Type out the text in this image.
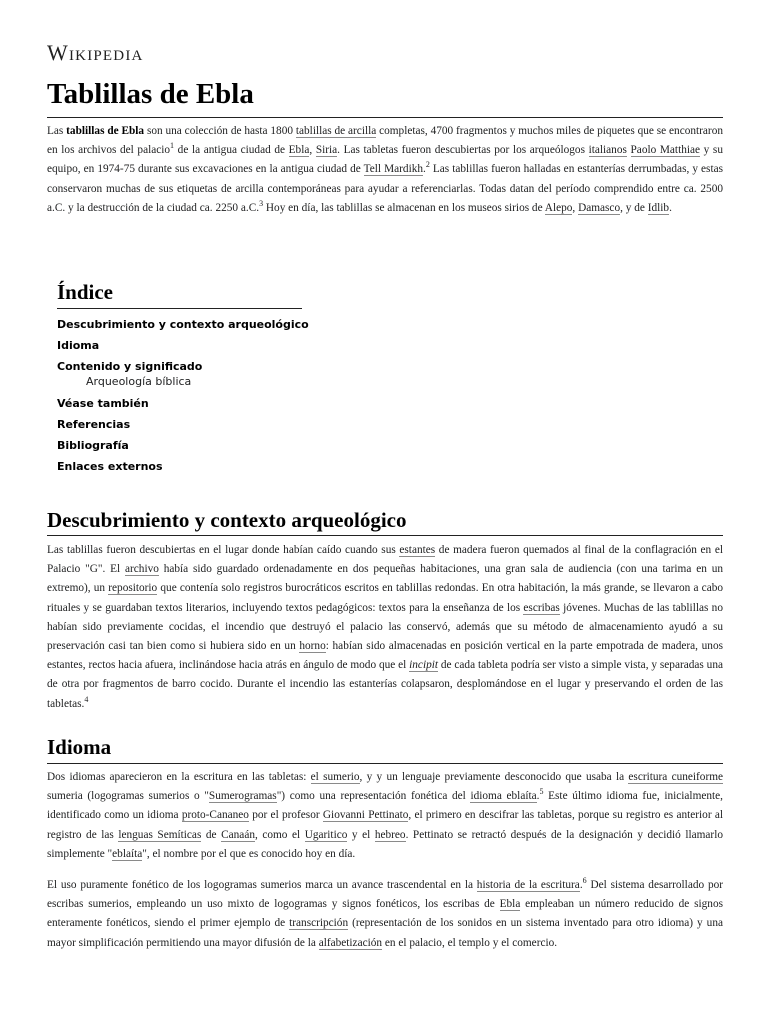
Wikipedia
Tablillas de Ebla
Las tablillas de Ebla son una colección de hasta 1800 tablillas de arcilla completas, 4700 fragmentos y muchos miles de piquetes que se encontraron en los archivos del palacio$^1$ de la antigua ciudad de Ebla, Siria. Las tabletas fueron descubiertas por los arqueólogos italianos Paolo Matthiae y su equipo, en 1974-75 durante sus excavaciones en la antigua ciudad de Tell Mardikh.$^2$ Las tablillas fueron halladas en estanterías derrumbadas, y estas conservaron muchas de sus etiquetas de arcilla contemporáneas para ayudar a referenciarlas. Todas datan del período comprendido entre ca. 2500 a.C. y la destrucción de la ciudad ca. 2250 a.C.$^3$ Hoy en día, las tablillas se almacenan en los museos sirios de Alepo, Damasco, y de Idlib.
Índice
Descubrimiento y contexto arqueológico
Idioma
Contenido y significado
Arqueología bíblica
Véase también
Referencias
Bibliografía
Enlaces externos
Descubrimiento y contexto arqueológico
Las tablillas fueron descubiertas en el lugar donde habían caído cuando sus estantes de madera fueron quemados al final de la conflagración en el Palacio "G". El archivo había sido guardado ordenadamente en dos pequeñas habitaciones, una gran sala de audiencia (con una tarima en un extremo), un repositorio que contenía solo registros burocráticos escritos en tablillas redondas. En otra habitación, la más grande, se llevaron a cabo rituales y se guardaban textos literarios, incluyendo textos pedagógicos: textos para la enseñanza de los escribas jóvenes. Muchas de las tablillas no habían sido previamente cocidas, el incendio que destruyó el palacio las conservó, además que su método de almacenamiento ayudó a su preservación casi tan bien como si hubiera sido en un horno: habían sido almacenadas en posición vertical en la parte empotrada de madera, unos estantes, rectos hacia afuera, inclinándose hacia atrás en ángulo de modo que el incipit de cada tableta podría ser visto a simple vista, y separadas una de otra por fragmentos de barro cocido. Durante el incendio las estanterías colapsaron, desplomándose en el lugar y preservando el orden de las tabletas.$^4$
Idioma
Dos idiomas aparecieron en la escritura en las tabletas: el sumerio, y y un lenguaje previamente desconocido que usaba la escritura cuneiforme sumeria (logogramas sumerios o "Sumerogramas") como una representación fonética del idioma eblaíta.$^5$ Este último idioma fue, inicialmente, identificado como un idioma proto-Cananeo por el profesor Giovanni Pettinato, el primero en descifrar las tabletas, porque su registro es anterior al registro de las lenguas Semíticas de Canaán, como el Ugaritico y el hebreo. Pettinato se retractó después de la designación y decidió llamarlo simplemente "eblaíta", el nombre por el que es conocido hoy en día.
El uso puramente fonético de los logogramas sumerios marca un avance trascendental en la historia de la escritura.$^6$ Del sistema desarrollado por escribas sumerios, empleando un uso mixto de logogramas y signos fonéticos, los escribas de Ebla empleaban un número reducido de signos enteramente fonéticos, siendo el primer ejemplo de transcripción (representación de los sonidos en un sistema inventado para otro idioma) y una mayor simplificación permitiendo una mayor difusión de la alfabetización en el palacio, el templo y el comercio.
